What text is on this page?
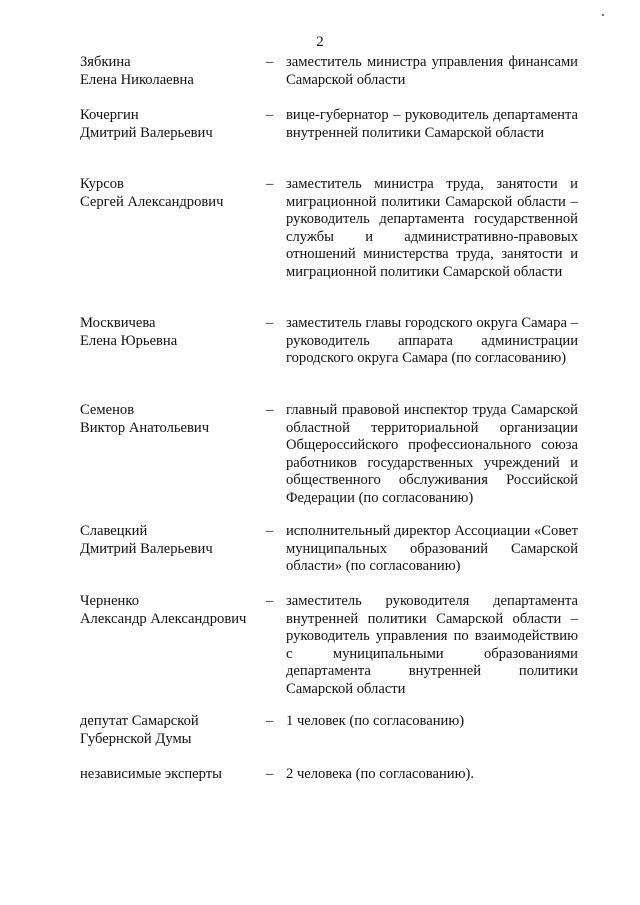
2
Зябкина
Елена Николаевна
– заместитель министра управления финансами Самарской области
Кочергин
Дмитрий Валерьевич
– вице-губернатор – руководитель департамента внутренней политики Самарской области
Курсов
Сергей Александрович
– заместитель министра труда, занятости и миграционной политики Самарской области – руководитель департамента государственной службы и административно-правовых отношений министерства труда, занятости и миграционной политики Самарской области
Москвичева
Елена Юрьевна
– заместитель главы городского округа Самара – руководитель аппарата администрации городского округа Самара (по согласованию)
Семенов
Виктор Анатольевич
– главный правовой инспектор труда Самарской областной территориальной организации Общероссийского профессионального союза работников государственных учреждений и общественного обслуживания Российской Федерации (по согласованию)
Славецкий
Дмитрий Валерьевич
– исполнительный директор Ассоциации «Совет муниципальных образований Самарской области» (по согласованию)
Черненко
Александр Александрович
– заместитель руководителя департамента внутренней политики Самарской области – руководитель управления по взаимодействию с муниципальными образованиями департамента внутренней политики Самарской области
депутат Самарской
Губернской Думы
– 1 человек (по согласованию)
независимые эксперты	– 2 человека (по согласованию).
